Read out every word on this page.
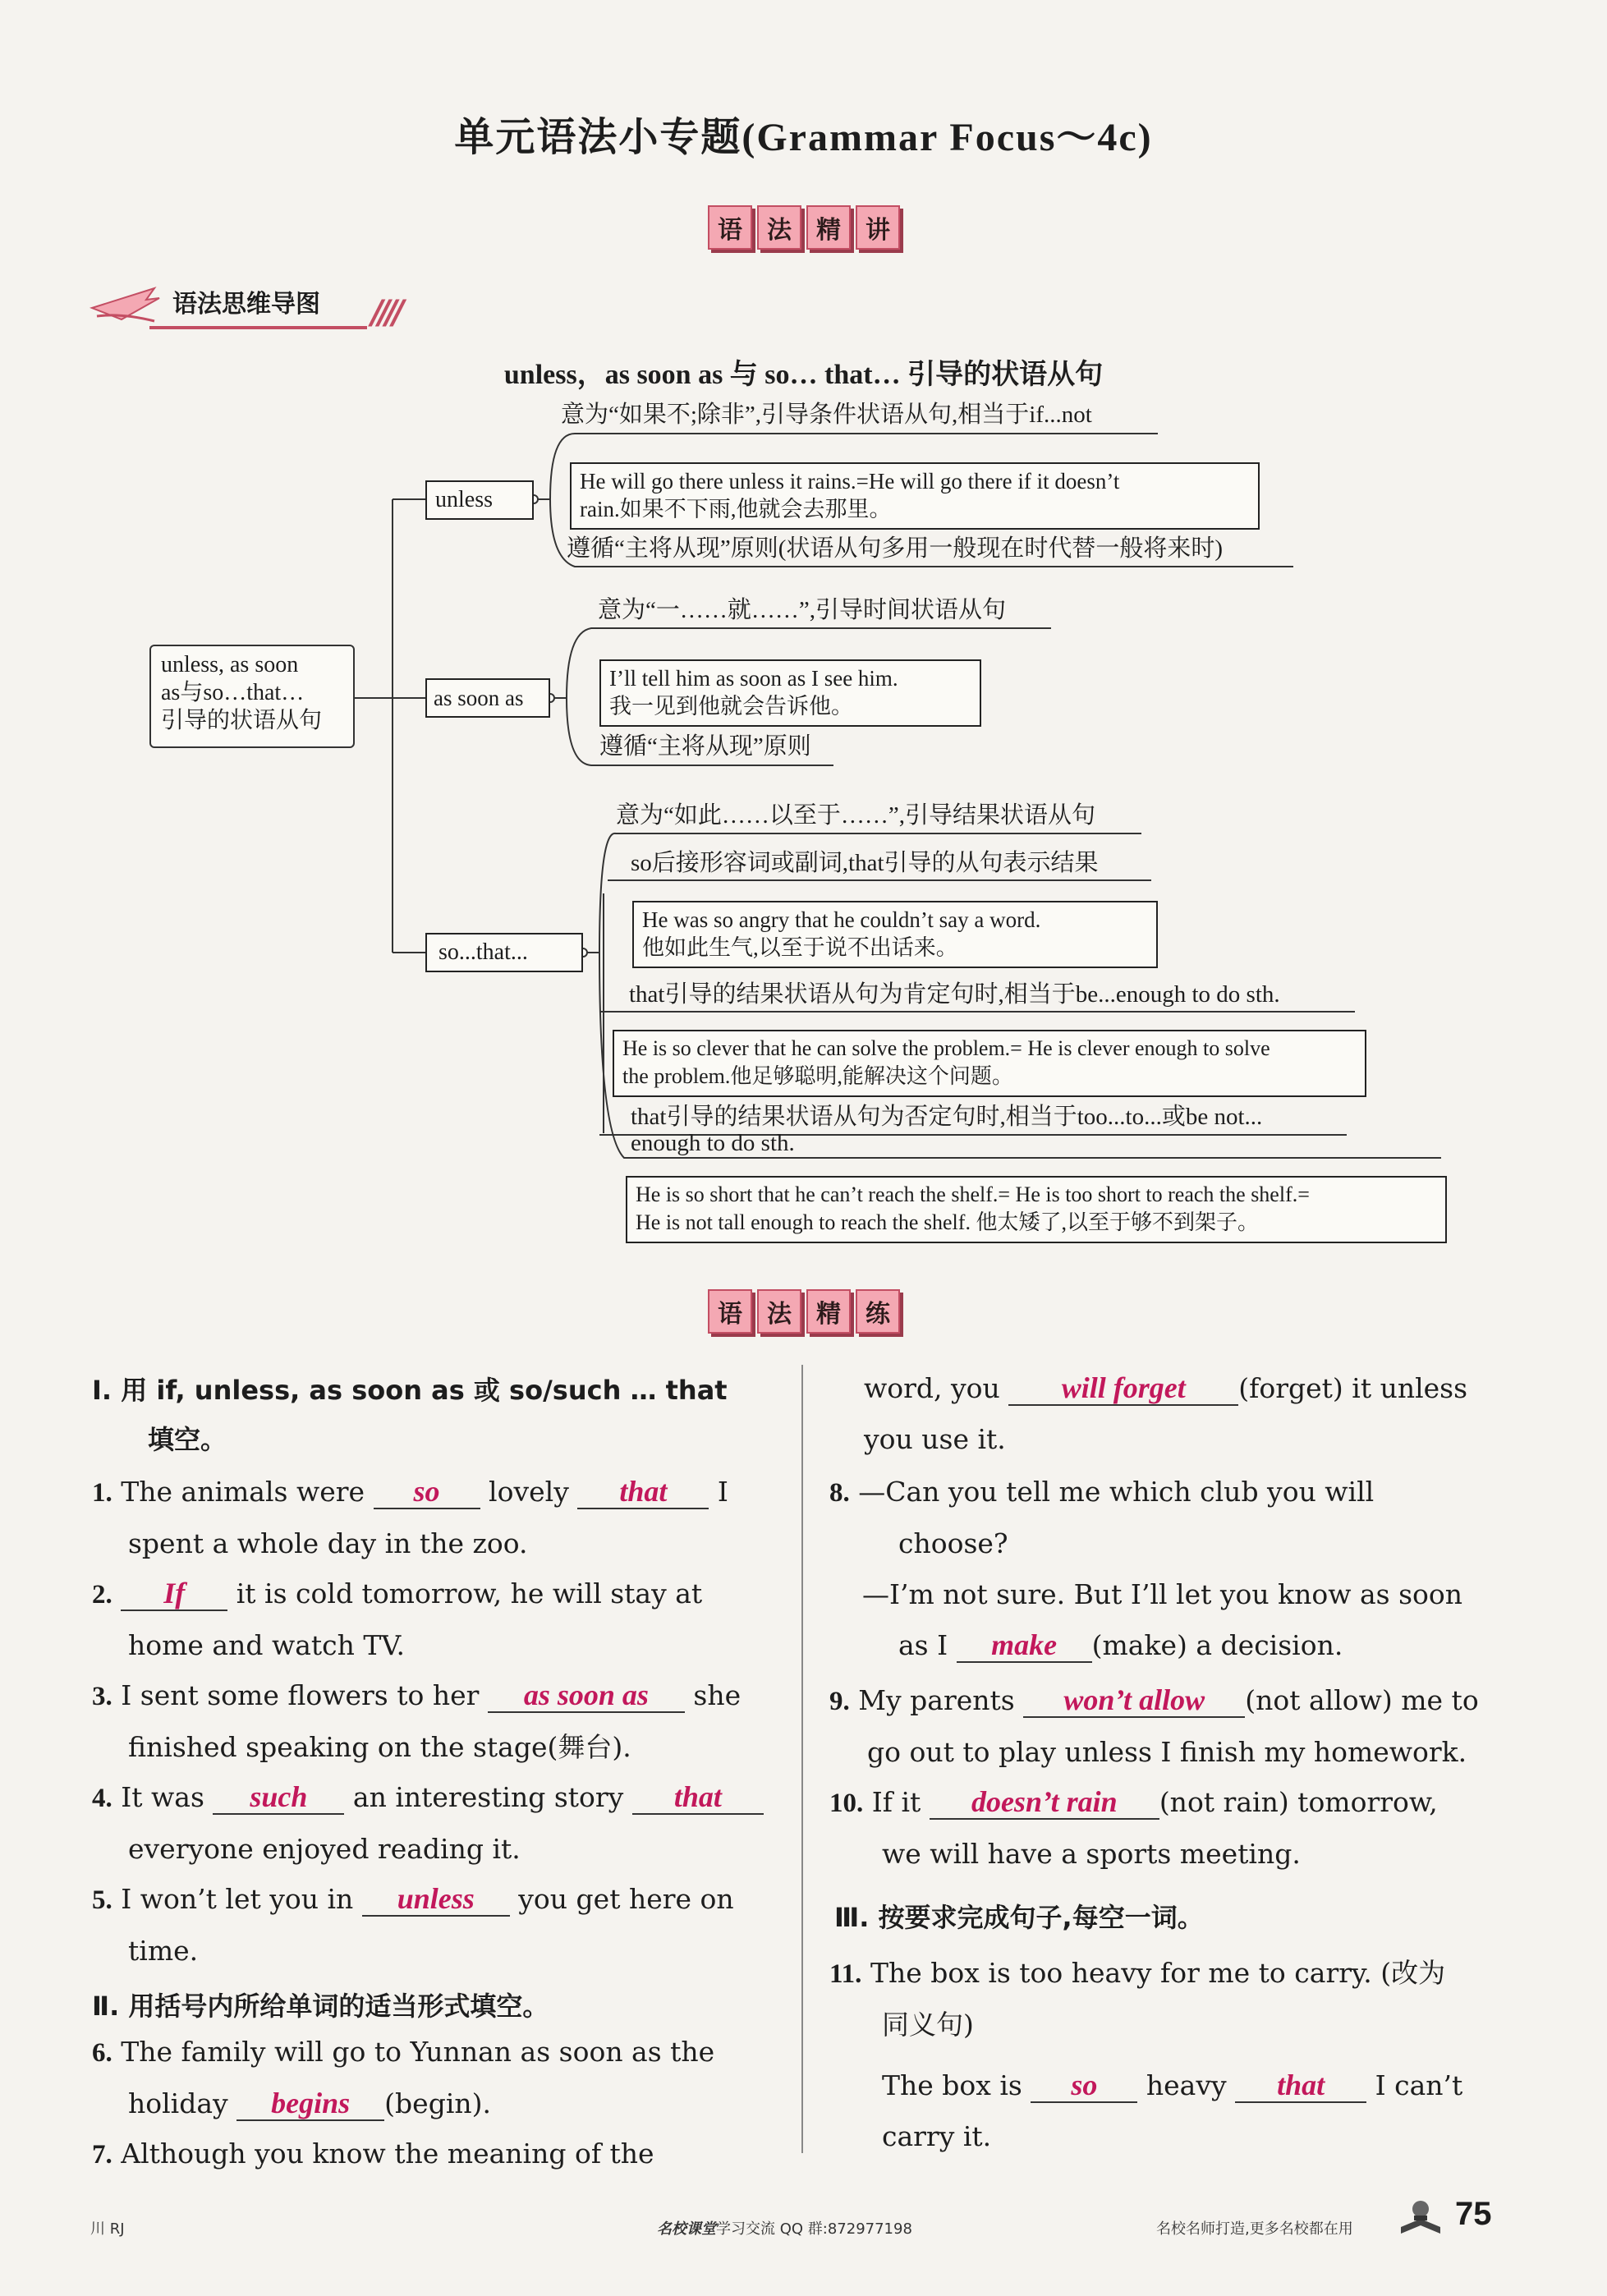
单元语法小专题(Grammar Focus～4c)
语	法	精	讲
语法思维导图 ////
unless，as soon as 与 so… that… 引导的状语从句
unless, as soon
as与so…that…
引导的状语从句
unless
意为“如果不;除非”,引导条件状语从句,相当于if...not
He will go there unless it rains.=He will go there if it doesn’t
rain.如果不下雨,他就会去那里。
遵循“主将从现”原则(状语从句多用一般现在时代替一般将来时)
as soon as
意为“一……就……”,引导时间状语从句
I’ll tell him as soon as I see him.
我一见到他就会告诉他。
遵循“主将从现”原则
so...that...
意为“如此……以至于……”,引导结果状语从句
so后接形容词或副词,that引导的从句表示结果
He was so angry that he couldn’t say a word.
他如此生气,以至于说不出话来。
that引导的结果状语从句为肯定句时,相当于be...enough to do sth.
He is so clever that he can solve the problem.= He is clever enough to solve
the problem.他足够聪明,能解决这个问题。
that引导的结果状语从句为否定句时,相当于too...to...或be not...
enough to do sth.
He is so short that he can’t reach the shelf.= He is too short to reach the shelf.=
He is not tall enough to reach the shelf. 他太矮了,以至于够不到架子。
语	法	精	练
Ⅰ. 用 if, unless, as soon as 或 so/such … that
填空。
1. The animals were so lovely that I
spent a whole day in the zoo.
2. If it is cold tomorrow, he will stay at
home and watch TV.
3. I sent some flowers to her as soon as she
finished speaking on the stage(舞台).
4. It was such an interesting story that
everyone enjoyed reading it.
5. I won’t let you in unless you get here on
time.
Ⅱ. 用括号内所给单词的适当形式填空。
6. The family will go to Yunnan as soon as the
holiday begins (begin).
7. Although you know the meaning of the
word, you will forget (forget) it unless
you use it.
8. —Can you tell me which club you will
choose?
—I’m not sure. But I’ll let you know as soon
as I make (make) a decision.
9. My parents won’t allow (not allow) me to
go out to play unless I finish my homework.
10. If it doesn’t rain (not rain) tomorrow,
we will have a sports meeting.
Ⅲ. 按要求完成句子,每空一词。
11. The box is too heavy for me to carry. (改为
同义句)
The box is so heavy that I can’t
carry it.
川 RJ	名校课堂学习交流 QQ 群:872977198	名校名师打造,更多名校都在用	75
